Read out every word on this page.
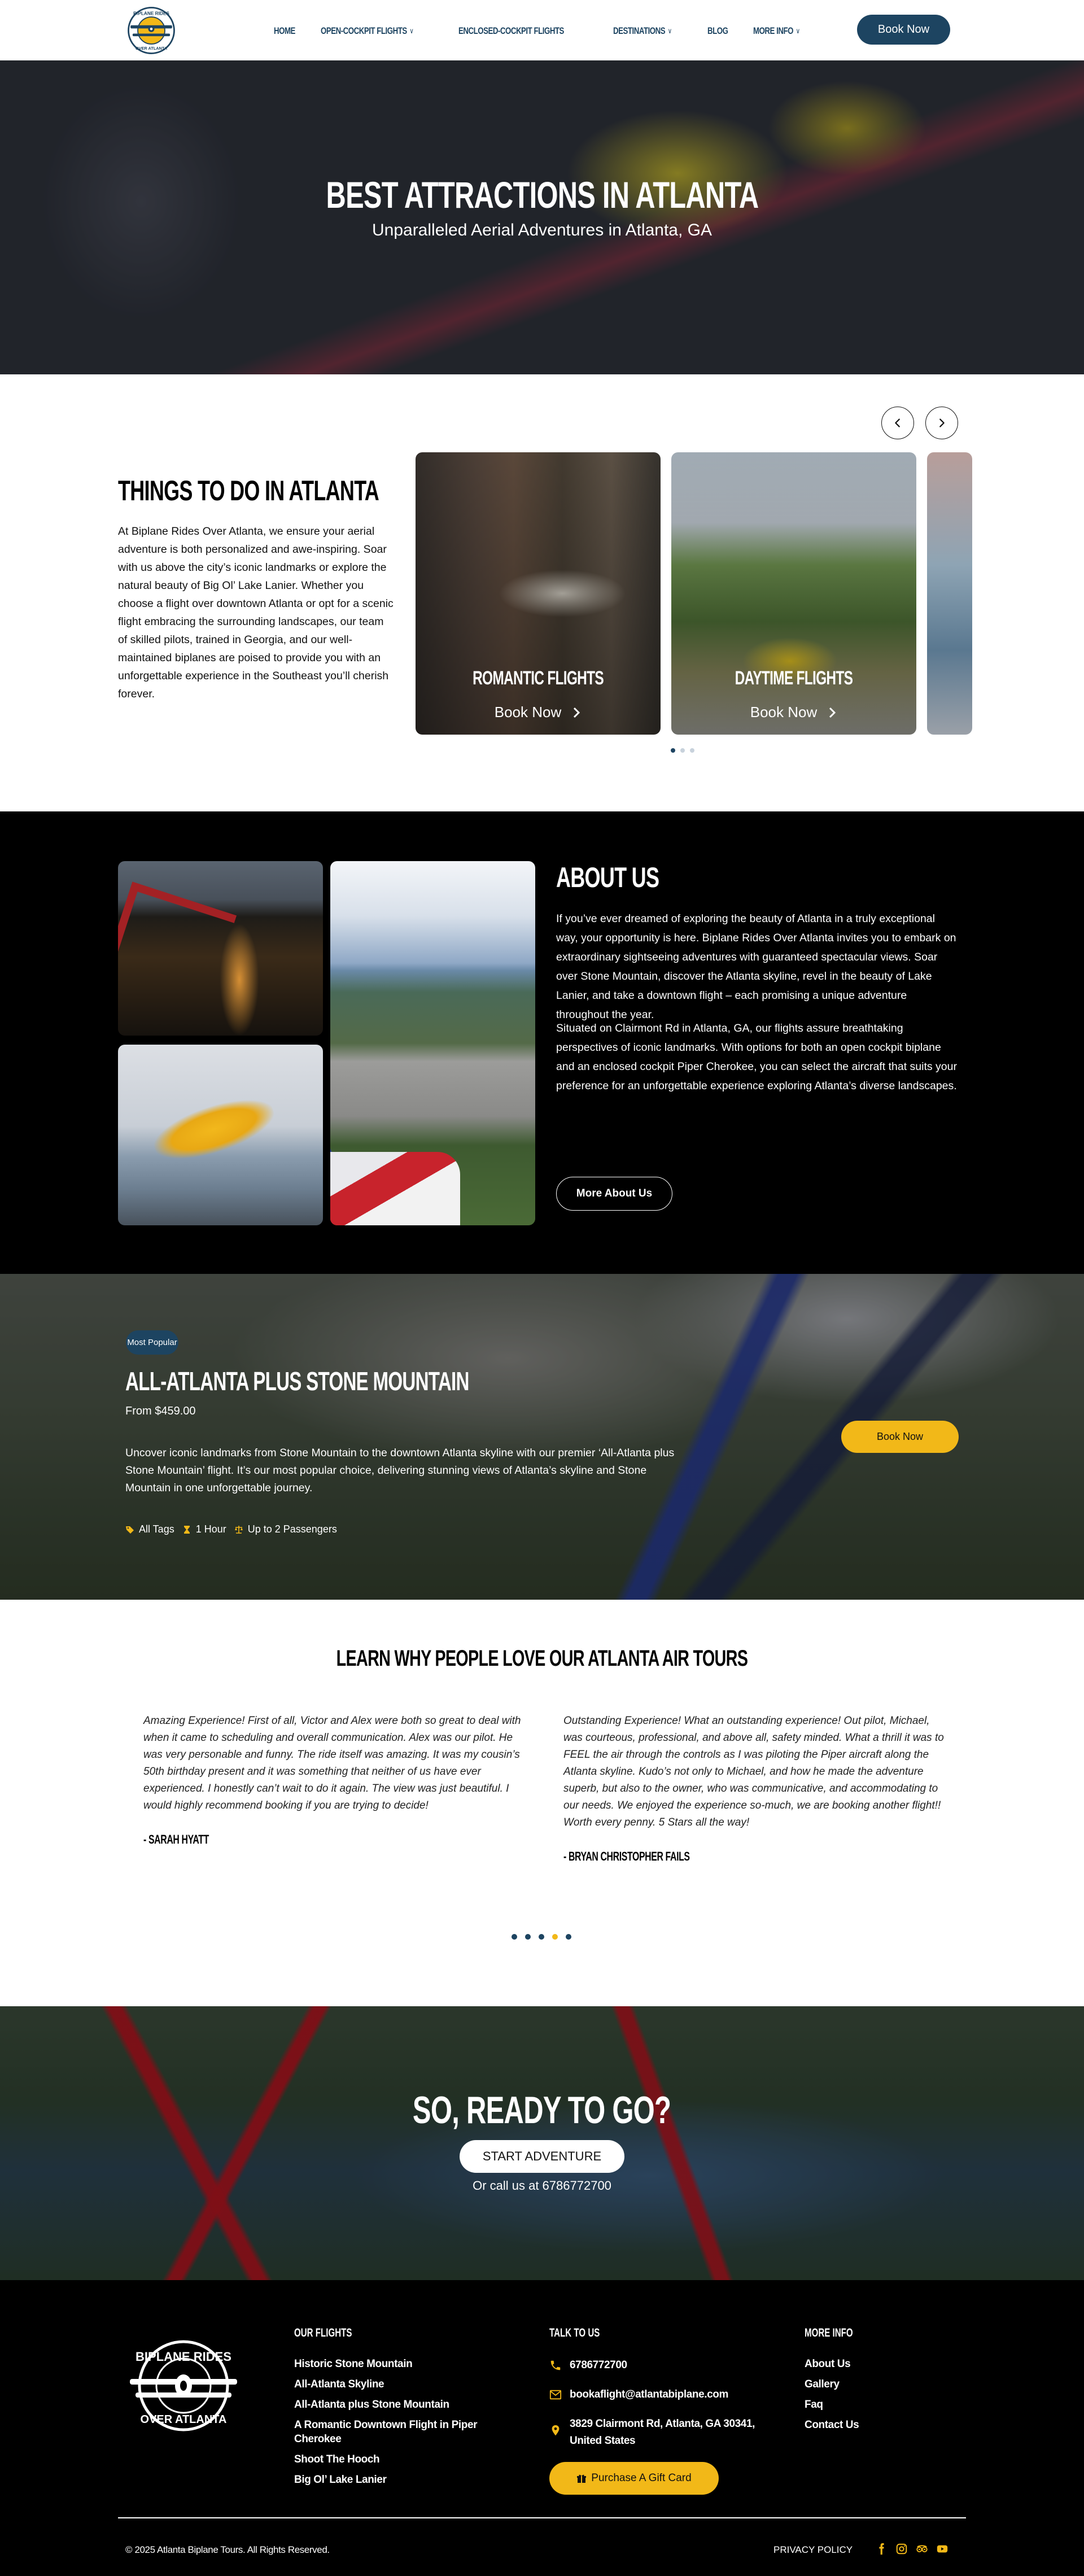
BIPLANE RIDES
OVER ATLANTA
HOME	OPEN-COCKPIT FLIGHTS ∨	ENCLOSED-COCKPIT FLIGHTS	DESTINATIONS ∨	BLOG	MORE INFO ∨	Book Now
BEST ATTRACTIONS IN ATLANTA

Unparalleled Aerial Adventures in Atlanta, GA

THINGS TO DO IN ATLANTA

At Biplane Rides Over Atlanta, we ensure your aerial adventure is both personalized and awe-inspiring. Soar with us above the city’s iconic landmarks or explore the natural beauty of Big Ol’ Lake Lanier. Whether you choose a flight over downtown Atlanta or opt for a scenic flight embracing the surrounding landscapes, our team of skilled pilots, trained in Georgia, and our well-maintained biplanes are poised to provide you with an unforgettable experience in the Southeast you’ll cherish forever.

ROMANTIC FLIGHTS
Book Now
DAYTIME FLIGHTS
Book Now
ABOUT US

If you’ve ever dreamed of exploring the beauty of Atlanta in a truly exceptional way, your opportunity is here. Biplane Rides Over Atlanta invites you to embark on extraordinary sightseeing adventures with guaranteed spectacular views. Soar over Stone Mountain, discover the Atlanta skyline, revel in the beauty of Lake Lanier, and take a downtown flight – each promising a unique adventure throughout the year.

Situated on Clairmont Rd in Atlanta, GA, our flights assure breathtaking perspectives of iconic landmarks. With options for both an open cockpit biplane and an enclosed cockpit Piper Cherokee, you can select the aircraft that suits your preference for an unforgettable experience exploring Atlanta’s diverse landscapes.

More About Us
Most Popular
ALL-ATLANTA PLUS STONE MOUNTAIN
From $459.00

Uncover iconic landmarks from Stone Mountain to the downtown Atlanta skyline with our premier ‘All-Atlanta plus Stone Mountain’ flight. It’s our most popular choice, delivering stunning views of Atlanta’s skyline and Stone Mountain in one unforgettable journey.

All Tags 1 Hour Up to 2 Passengers
Book Now
LEARN WHY PEOPLE LOVE OUR ATLANTA AIR TOURS

Amazing Experience! First of all, Victor and Alex were both so great to deal with when it came to scheduling and overall communication. Alex was our pilot. He was very personable and funny. The ride itself was amazing. It was my cousin’s 50th birthday present and it was something that neither of us have ever experienced. I honestly can’t wait to do it again. The view was just beautiful. I would highly recommend booking if you are trying to decide!

- SARAH HYATT

Outstanding Experience! What an outstanding experience! Out pilot, Michael, was courteous, professional, and above all, safety minded. What a thrill it was to FEEL the air through the controls as I was piloting the Piper aircraft along the Atlanta skyline. Kudo’s not only to Michael, and how he made the adventure superb, but also to the owner, who was communicative, and accommodating to our needs. We enjoyed the experience so-much, we are booking another flight!! Worth every penny. 5 Stars all the way!

- BRYAN CHRISTOPHER FAILS
SO, READY TO GO?
START ADVENTURE

Or call us at 6786772700

BIPLANE RIDES
OVER ATLANTA
OUR FLIGHTS
Historic Stone Mountain
All-Atlanta Skyline
All-Atlanta plus Stone Mountain
A Romantic Downtown Flight in Piper Cherokee
Shoot The Hooch
Big Ol’ Lake Lanier
TALK TO US
6786772700
bookaflight@atlantabiplane.com
3829 Clairmont Rd, Atlanta, GA 30341, United States
Purchase A Gift Card
MORE INFO
About Us
Gallery
Faq
Contact Us
© 2025 Atlanta Biplane Tours. All Rights Reserved.	PRIVACY POLICY
